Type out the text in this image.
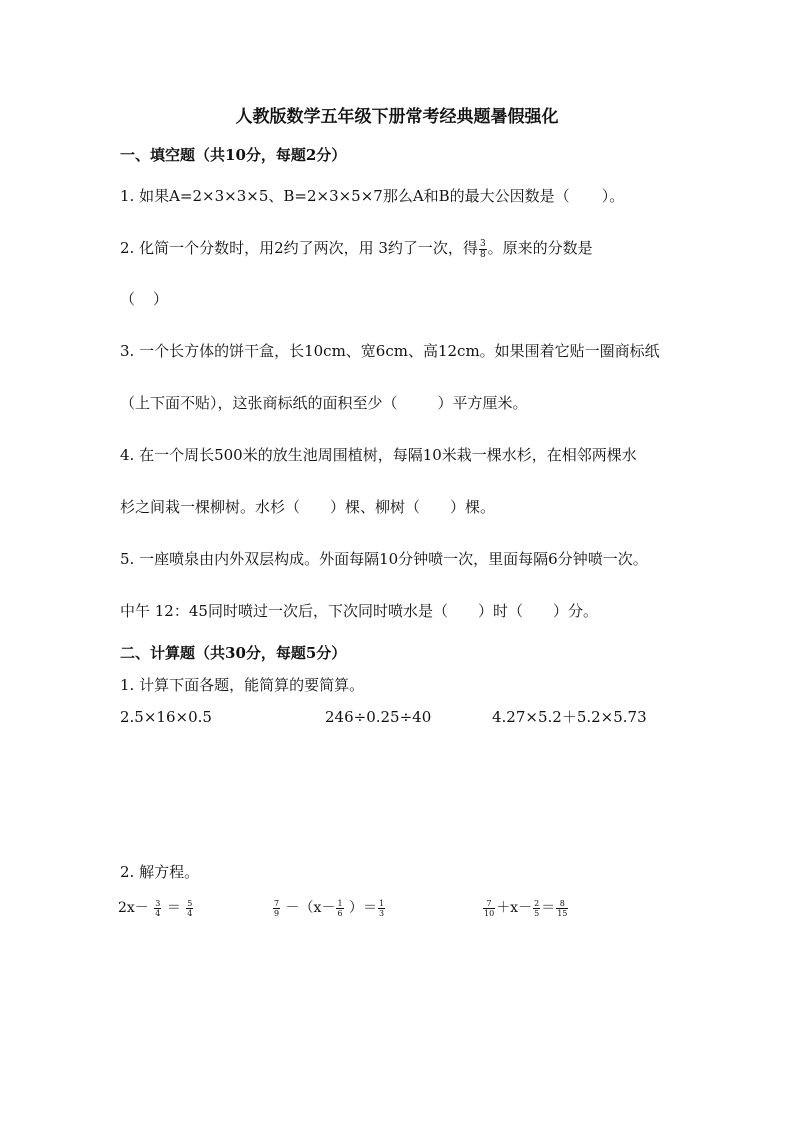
人教版数学五年级下册常考经典题暑假强化
一、填空题（共10分，每题2分）
1. 如果A=2×3×3×5、B=2×3×5×7那么A和B的最大公因数是（ ）。
2. 化简一个分数时，用2约了两次，用 3约了一次，得 $\frac{3}{8}$ 。原来的分数是
（ ）
3. 一个长方体的饼干盒，长10cm、宽6cm、高12cm。如果围着它贴一圈商标纸
（上下面不贴），这张商标纸的面积至少（	）平方厘米。
4. 在一个周长500米的放生池周围植树，每隔10米栽一棵水杉，在相邻两棵水
杉之间栽一棵柳树。水杉（ ）棵、柳树（ ）棵。
5. 一座喷泉由内外双层构成。外面每隔10分钟喷一次，里面每隔6分钟喷一次。
中午 12：45同时喷过一次后，下次同时喷水是（ ）时（ ）分。
二、计算题（共30分，每题5分）
1. 计算下面各题，能简算的要简算。
2.5×16×0.5	246÷0.25÷40	4.27×5.2＋5.2×5.73
2. 解方程。
$2x- \frac{3}{4} = \frac{5}{4}$	$\frac{7}{9} -(x- \frac{1}{6}$ ）＝ $\frac{1}{3}$	$\frac{7}{10} +x- \frac{2}{5} = \frac{8}{15}$
